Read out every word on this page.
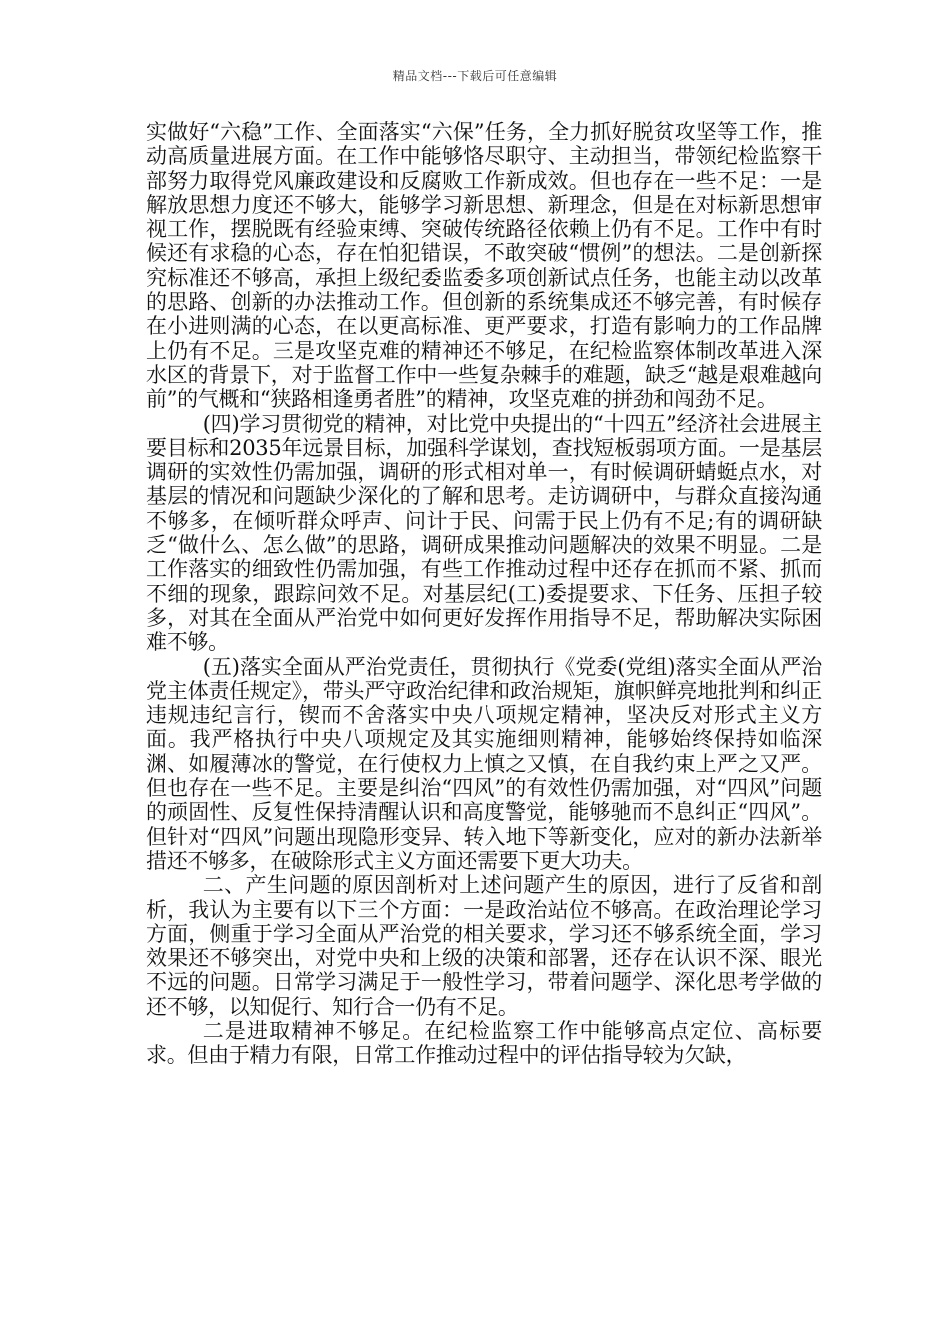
精品文档---下载后可任意编辑

实做好“六稳”工作、全面落实“六保”任务，全力抓好脱贫攻坚等工作，推动高质量进展方面。在工作中能够恪尽职守、主动担当，带领纪检监察干部努力取得党风廉政建设和反腐败工作新成效。但也存在一些不足：一是解放思想力度还不够大，能够学习新思想、新理念，但是在对标新思想审视工作，摆脱既有经验束缚、突破传统路径依赖上仍有不足。工作中有时候还有求稳的心态，存在怕犯错误，不敢突破“惯例”的想法。二是创新探究标准还不够高，承担上级纪委监委多项创新试点任务，也能主动以改革的思路、创新的办法推动工作。但创新的系统集成还不够完善，有时候存在小进则满的心态，在以更高标准、更严要求，打造有影响力的工作品牌上仍有不足。三是攻坚克难的精神还不够足，在纪检监察体制改革进入深水区的背景下，对于监督工作中一些复杂棘手的难题，缺乏“越是艰难越向前”的气概和“狭路相逢勇者胜”的精神，攻坚克难的拼劲和闯劲不足。

(四)学习贯彻党的精神，对比党中央提出的“十四五”经济社会进展主要目标和2035年远景目标，加强科学谋划，查找短板弱项方面。一是基层调研的实效性仍需加强，调研的形式相对单一，有时候调研蜻蜓点水，对基层的情况和问题缺少深化的了解和思考。走访调研中，与群众直接沟通不够多，在倾听群众呼声、问计于民、问需于民上仍有不足;有的调研缺乏“做什么、怎么做”的思路，调研成果推动问题解决的效果不明显。二是工作落实的细致性仍需加强，有些工作推动过程中还存在抓而不紧、抓而不细的现象，跟踪问效不足。对基层纪(工)委提要求、下任务、压担子较多，对其在全面从严治党中如何更好发挥作用指导不足，帮助解决实际困难不够。

(五)落实全面从严治党责任，贯彻执行《党委(党组)落实全面从严治党主体责任规定》，带头严守政治纪律和政治规矩，旗帜鲜亮地批判和纠正违规违纪言行，锲而不舍落实中央八项规定精神，坚决反对形式主义方面。我严格执行中央八项规定及其实施细则精神，能够始终保持如临深渊、如履薄冰的警觉，在行使权力上慎之又慎，在自我约束上严之又严。但也存在一些不足。主要是纠治“四风”的有效性仍需加强，对“四风”问题的顽固性、反复性保持清醒认识和高度警觉，能够驰而不息纠正“四风”。但针对“四风”问题出现隐形变异、转入地下等新变化，应对的新办法新举措还不够多，在破除形式主义方面还需要下更大功夫。

二、产生问题的原因剖析对上述问题产生的原因，进行了反省和剖析，我认为主要有以下三个方面：一是政治站位不够高。在政治理论学习方面，侧重于学习全面从严治党的相关要求，学习还不够系统全面，学习效果还不够突出，对党中央和上级的决策和部署，还存在认识不深、眼光不远的问题。日常学习满足于一般性学习，带着问题学、深化思考学做的还不够，以知促行、知行合一仍有不足。

二是进取精神不够足。在纪检监察工作中能够高点定位、高标要求。但由于精力有限，日常工作推动过程中的评估指导较为欠缺，
